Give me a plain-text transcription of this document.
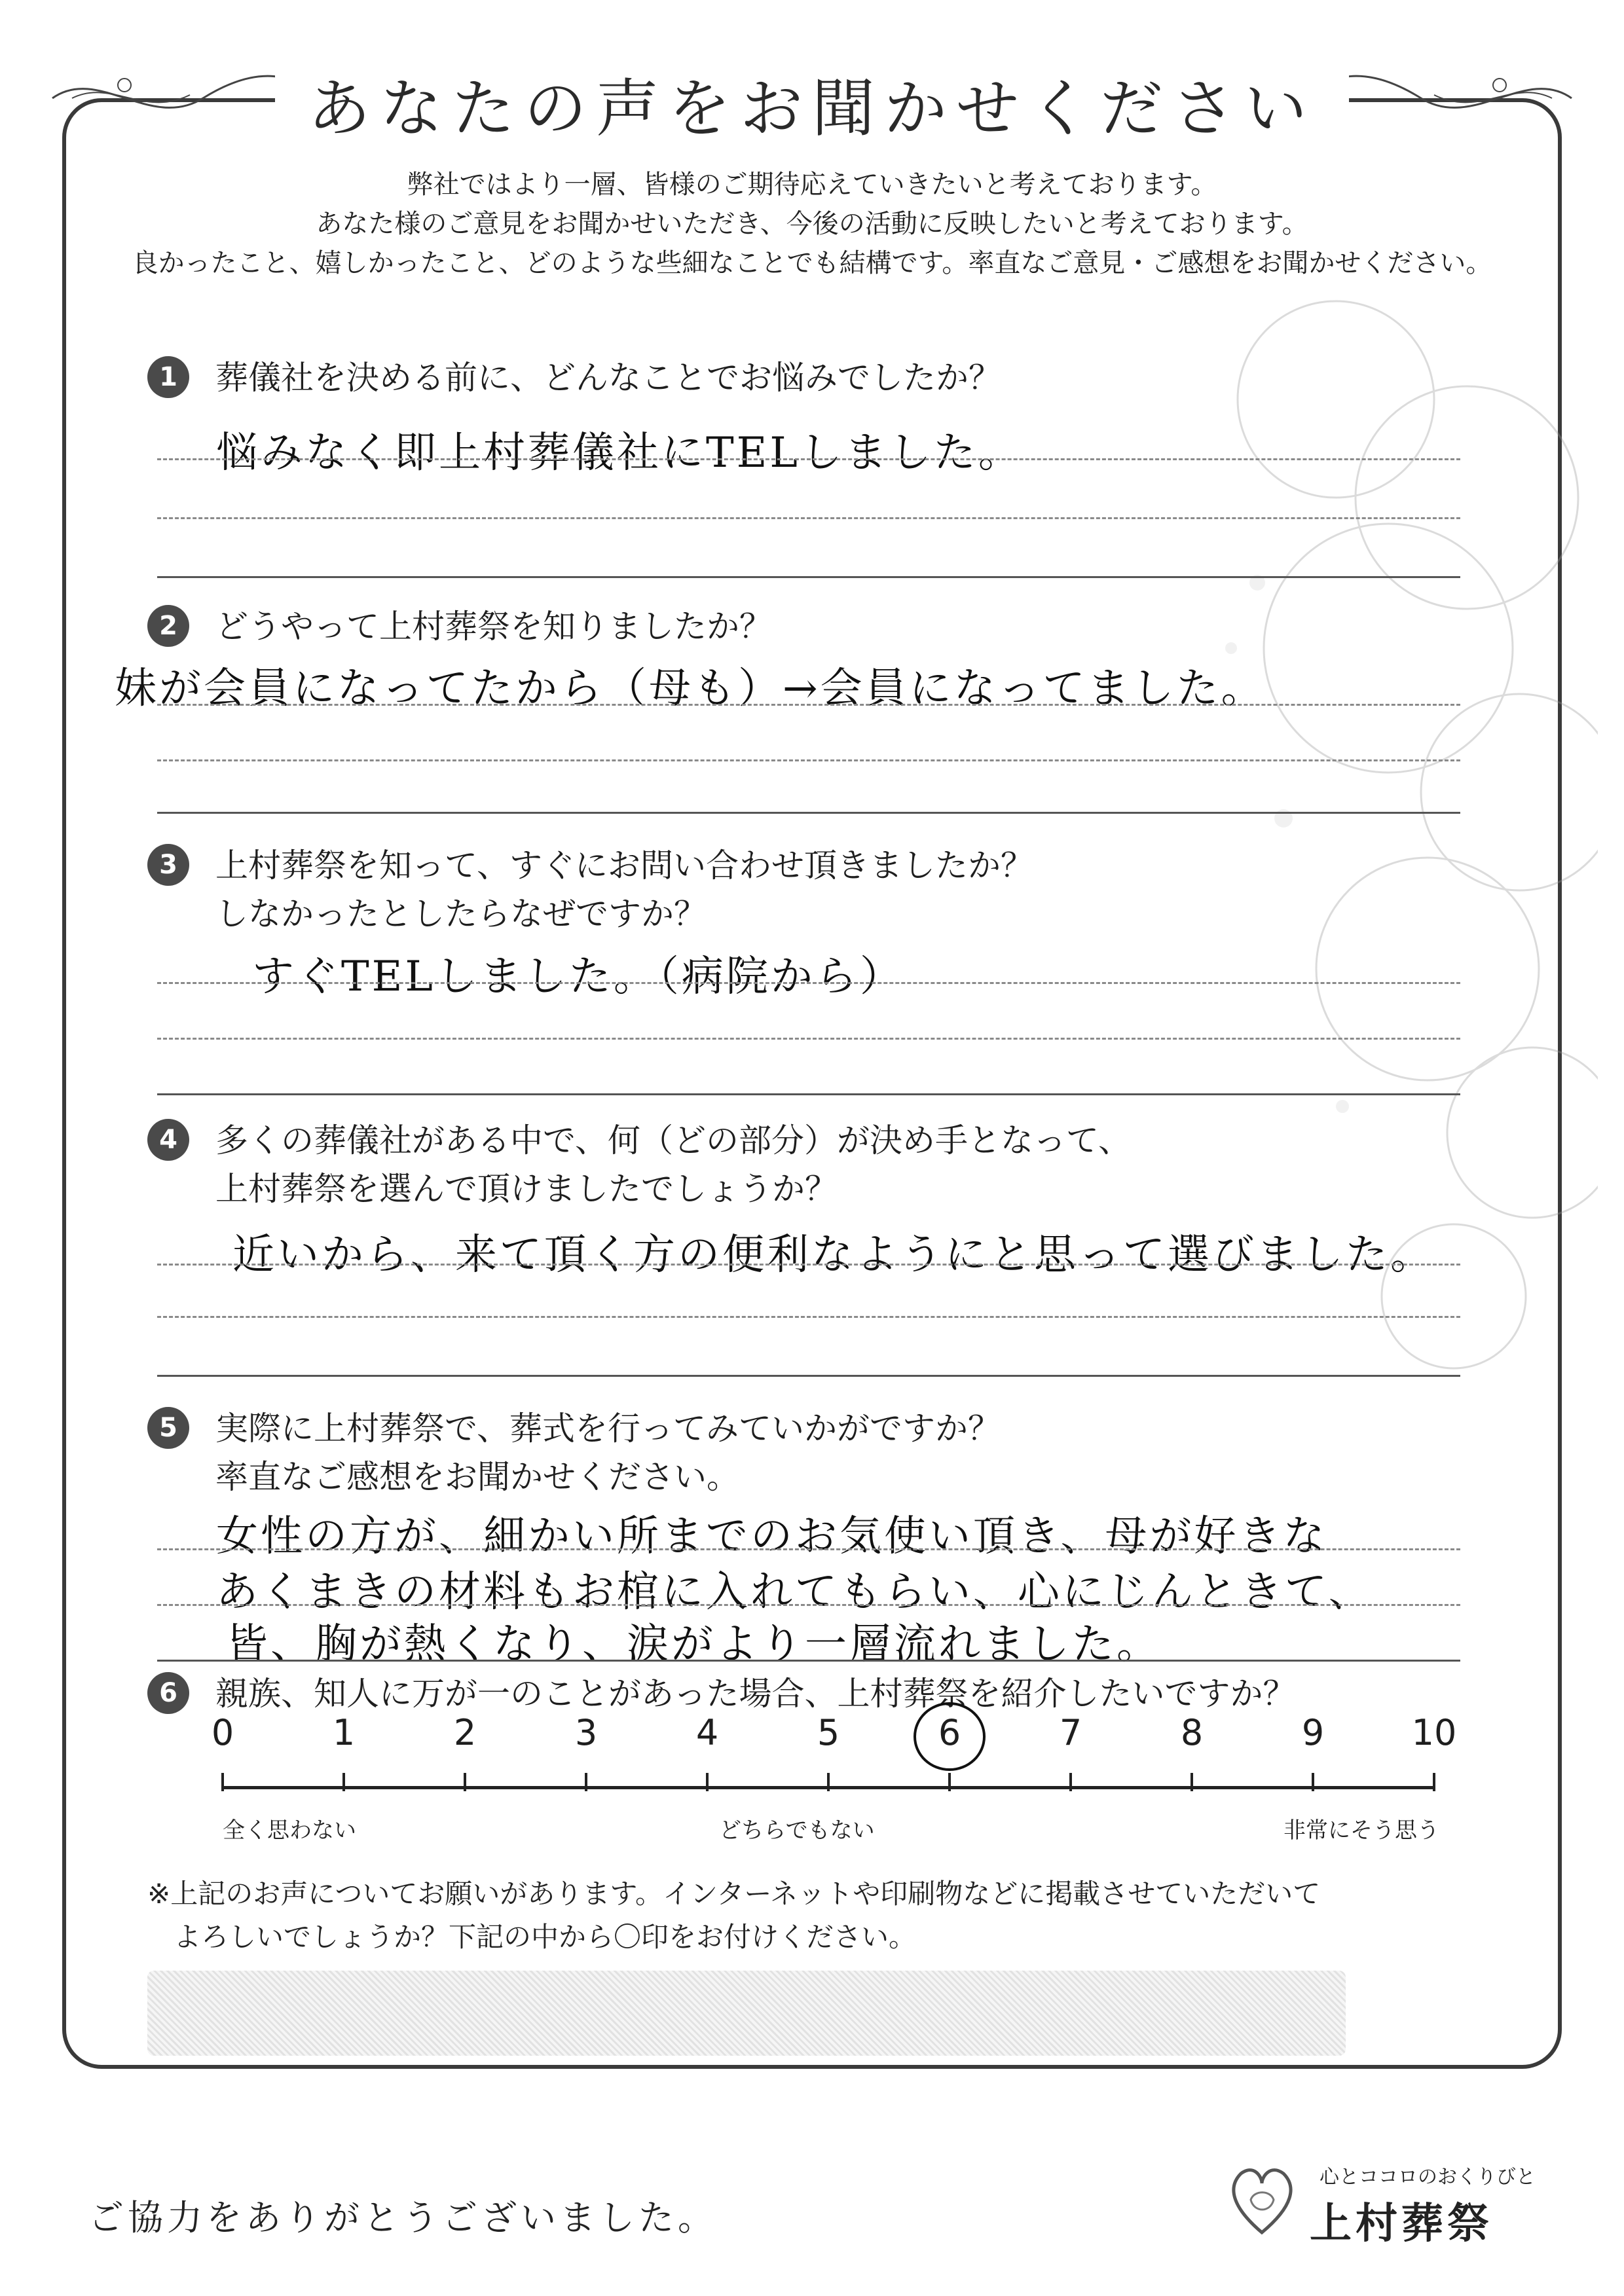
あなたの声をお聞かせください
弊社ではより一層、皆様のご期待応えていきたいと考えております。
あなた様のご意見をお聞かせいただき、今後の活動に反映したいと考えております。
良かったこと、嬉しかったこと、どのような些細なことでも結構です。率直なご意見・ご感想をお聞かせください。
1	葬儀社を決める前に、どんなことでお悩みでしたか？
悩みなく即上村葬儀社にTELしました。
2	どうやって上村葬祭を知りましたか？
妹が会員になってたから（母も）→会員になってました。
3	上村葬祭を知って、すぐにお問い合わせ頂きましたか？
しなかったとしたらなぜですか？
すぐTELしました。（病院から）
4	多くの葬儀社がある中で、何（どの部分）が決め手となって、
上村葬祭を選んで頂けましたでしょうか？
近いから、来て頂く方の便利なようにと思って選びました。
5	実際に上村葬祭で、葬式を行ってみていかがですか？
率直なご感想をお聞かせください。
女性の方が、細かい所までのお気使い頂き、母が好きな
あくまきの材料もお棺に入れてもらい、心にじんときて、
皆、胸が熱くなり、涙がより一層流れました。
6	親族、知人に万が一のことがあった場合、上村葬祭を紹介したいですか？
0	1	2	3	4	5	6	7	8	9	10
全く思わない	どちらでもない	非常にそう思う
※上記のお声についてお願いがあります。インターネットや印刷物などに掲載させていただいて
よろしいでしょうか？下記の中から〇印をお付けください。
ご協力をありがとうございました。
心とココロのおくりびと
上村葬祭
